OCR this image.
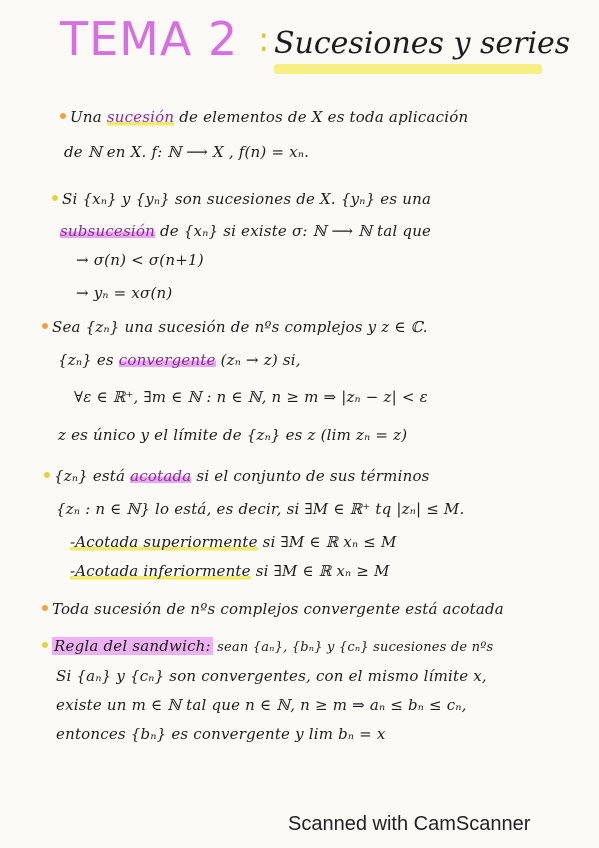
TEMA 2 : Sucesiones y series
Una sucesión de elementos de X es toda aplicación
de ℕ en X. f: ℕ ⟶ X , f(n) = xₙ.
Si {xₙ} y {yₙ} son sucesiones de X. {yₙ} es una
subsucesión de {xₙ} si existe σ: ℕ ⟶ ℕ tal que
→ σ(n) < σ(n+1)
→ yₙ = xσ(n)
Sea {zₙ} una sucesión de nºs complejos y z ∈ ℂ.
{zₙ} es convergente (zₙ → z) si,
∀ε ∈ ℝ⁺, ∃m ∈ ℕ : n ∈ ℕ, n ≥ m ⇒ |zₙ − z| < ε
z es único y el límite de {zₙ} es z (lim zₙ = z)
{zₙ} está acotada si el conjunto de sus términos
{zₙ : n ∈ ℕ} lo está, es decir, si ∃M ∈ ℝ⁺ tq |zₙ| ≤ M.
-Acotada superiormente si ∃M ∈ ℝ xₙ ≤ M
-Acotada inferiormente si ∃M ∈ ℝ xₙ ≥ M
Toda sucesión de nºs complejos convergente está acotada
Regla del sandwich: sean {aₙ}, {bₙ} y {cₙ} sucesiones de nºs
Si {aₙ} y {cₙ} son convergentes, con el mismo límite x,
existe un m ∈ ℕ tal que n ∈ ℕ, n ≥ m ⇒ aₙ ≤ bₙ ≤ cₙ,
entonces {bₙ} es convergente y lim bₙ = x
Scanned with CamScanner
